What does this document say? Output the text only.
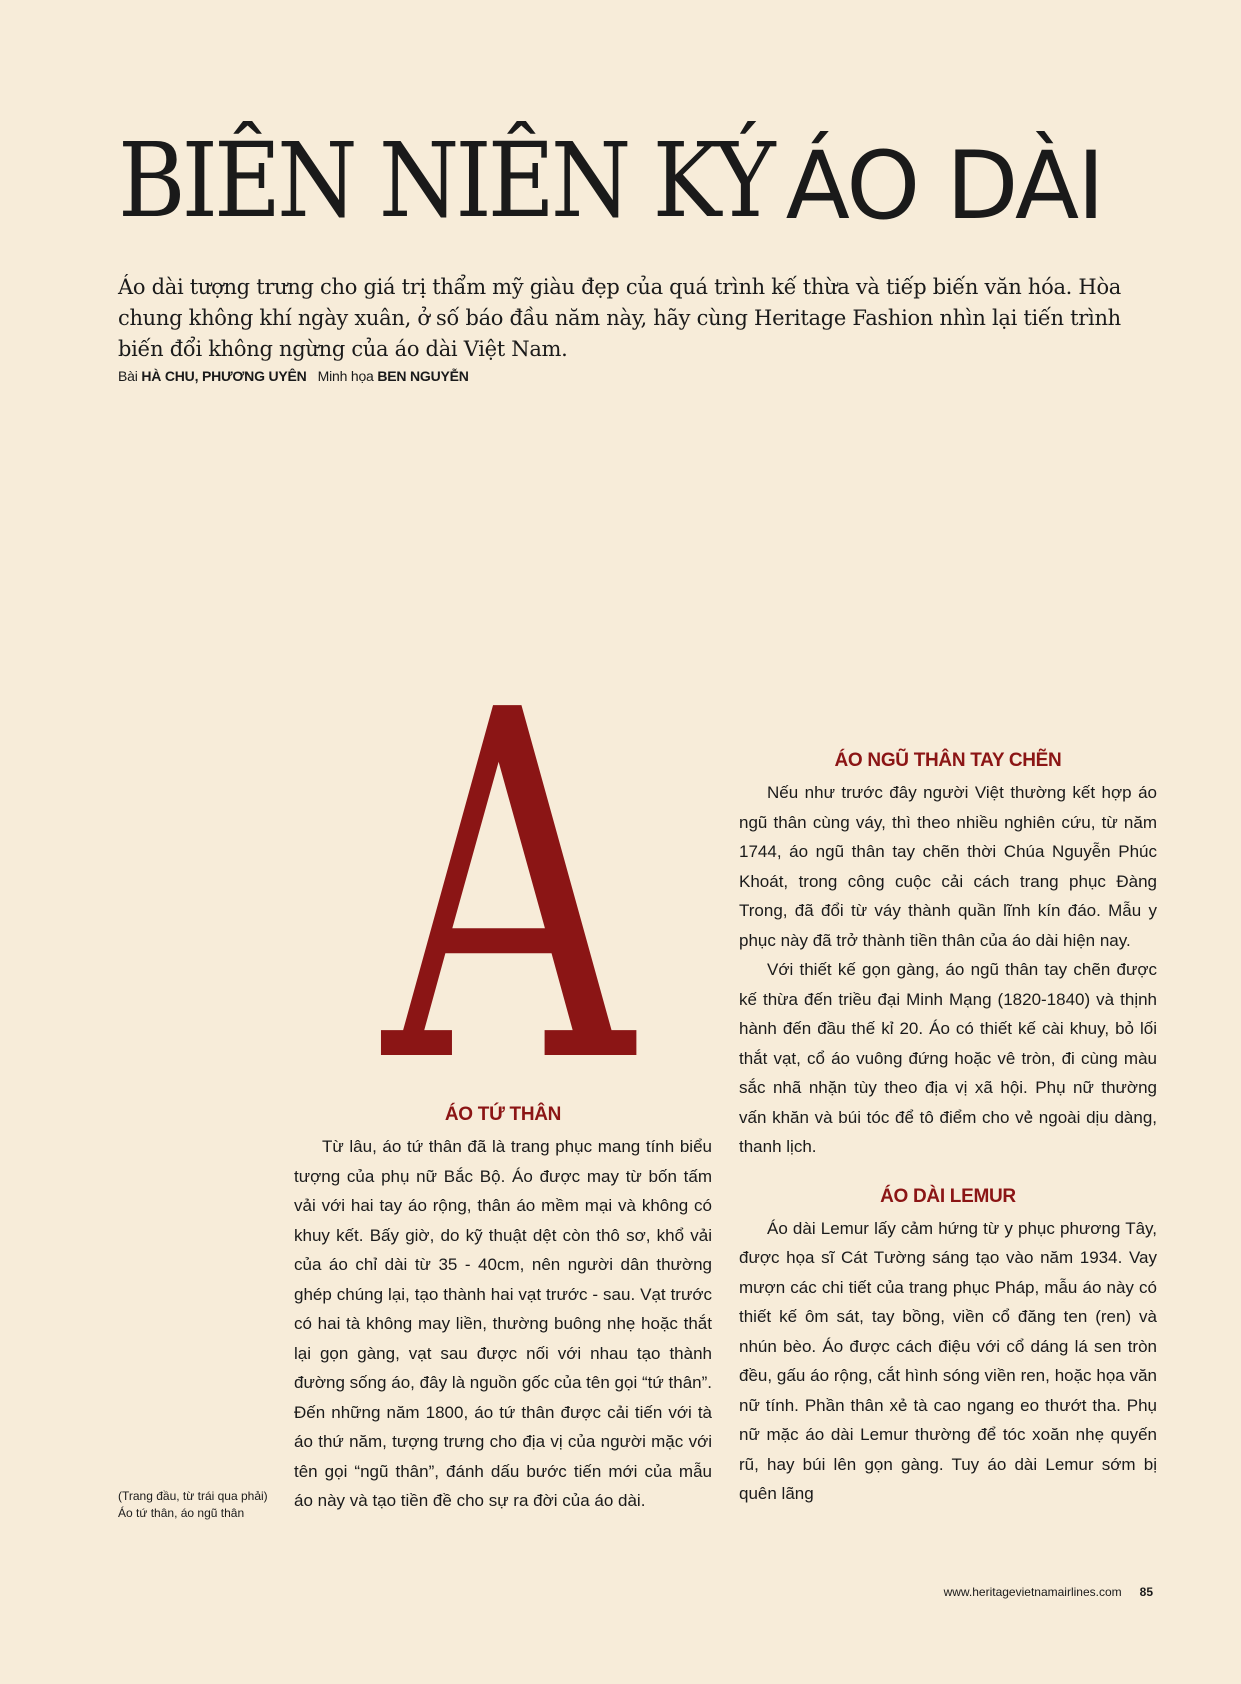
BIÊN NIÊN KÝ ÁO DÀI

Áo dài tượng trưng cho giá trị thẩm mỹ giàu đẹp của quá trình kế thừa và tiếp biến văn hóa. Hòa chung không khí ngày xuân, ở số báo đầu năm này, hãy cùng Heritage Fashion nhìn lại tiến trình biến đổi không ngừng của áo dài Việt Nam.

Bài HÀ CHU, PHƯƠNG UYÊN Minh họa BEN NGUYỄN
A
ÁO TỨ THÂN

Từ lâu, áo tứ thân đã là trang phục mang tính biểu tượng của phụ nữ Bắc Bộ. Áo được may từ bốn tấm vải với hai tay áo rộng, thân áo mềm mại và không có khuy kết. Bấy giờ, do kỹ thuật dệt còn thô sơ, khổ vải của áo chỉ dài từ 35 - 40cm, nên người dân thường ghép chúng lại, tạo thành hai vạt trước - sau. Vạt trước có hai tà không may liền, thường buông nhẹ hoặc thắt lại gọn gàng, vạt sau được nối với nhau tạo thành đường sống áo, đây là nguồn gốc của tên gọi “tứ thân”. Đến những năm 1800, áo tứ thân được cải tiến với tà áo thứ năm, tượng trưng cho địa vị của người mặc với tên gọi “ngũ thân”, đánh dấu bước tiến mới của mẫu áo này và tạo tiền đề cho sự ra đời của áo dài.

ÁO NGŨ THÂN TAY CHẼN

Nếu như trước đây người Việt thường kết hợp áo ngũ thân cùng váy, thì theo nhiều nghiên cứu, từ năm 1744, áo ngũ thân tay chẽn thời Chúa Nguyễn Phúc Khoát, trong công cuộc cải cách trang phục Đàng Trong, đã đổi từ váy thành quần lĩnh kín đáo. Mẫu y phục này đã trở thành tiền thân của áo dài hiện nay.

Với thiết kế gọn gàng, áo ngũ thân tay chẽn được kế thừa đến triều đại Minh Mạng (1820-1840) và thịnh hành đến đầu thế kỉ 20. Áo có thiết kế cài khuy, bỏ lối thắt vạt, cổ áo vuông đứng hoặc vê tròn, đi cùng màu sắc nhã nhặn tùy theo địa vị xã hội. Phụ nữ thường vấn khăn và búi tóc để tô điểm cho vẻ ngoài dịu dàng, thanh lịch.

ÁO DÀI LEMUR

Áo dài Lemur lấy cảm hứng từ y phục phương Tây, được họa sĩ Cát Tường sáng tạo vào năm 1934. Vay mượn các chi tiết của trang phục Pháp, mẫu áo này có thiết kế ôm sát, tay bồng, viền cổ đăng ten (ren) và nhún bèo. Áo được cách điệu với cổ dáng lá sen tròn đều, gấu áo rộng, cắt hình sóng viền ren, hoặc họa văn nữ tính. Phần thân xẻ tà cao ngang eo thướt tha. Phụ nữ mặc áo dài Lemur thường để tóc xoăn nhẹ quyến rũ, hay búi lên gọn gàng. Tuy áo dài Lemur sớm bị quên lãng

(Trang đầu, từ trái qua phải) Áo tứ thân, áo ngũ thân
www.heritagevietnamairlines.com 85
